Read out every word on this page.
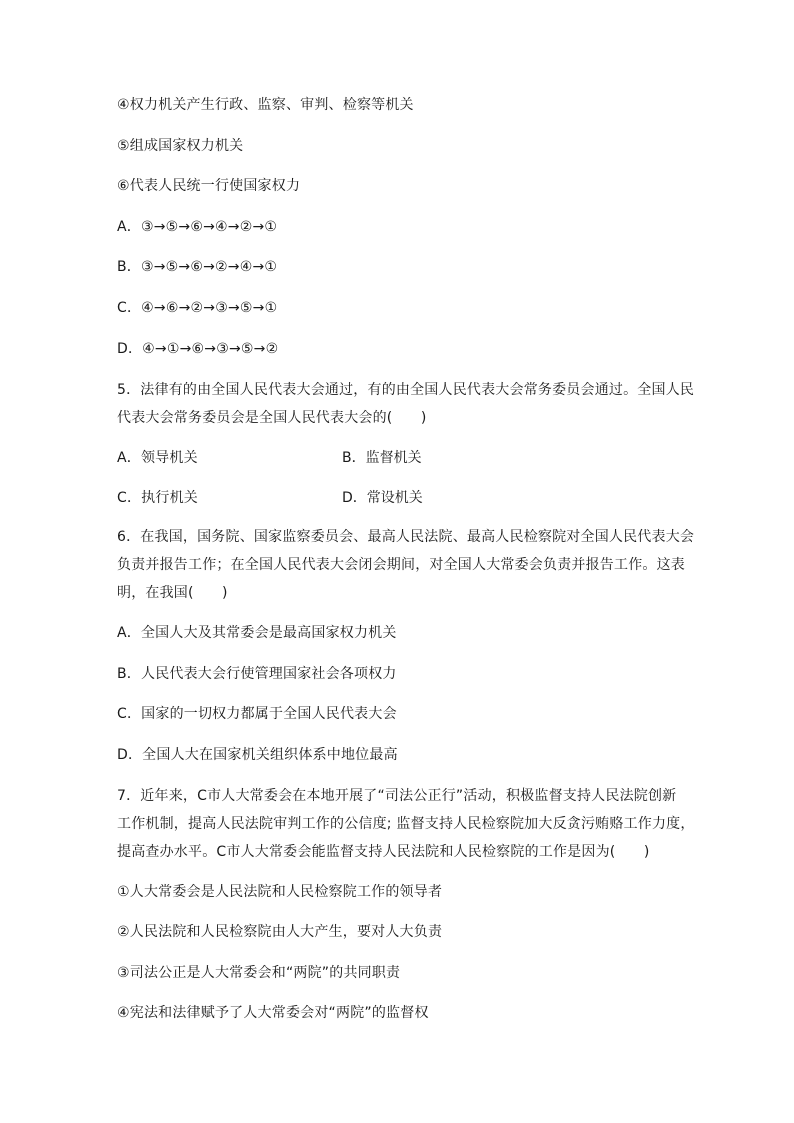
④权力机关产生行政、监察、审判、检察等机关
⑤组成国家权力机关
⑥代表人民统一行使国家权力
A．③→⑤→⑥→④→②→①
B．③→⑤→⑥→②→④→①
C．④→⑥→②→③→⑤→①
D．④→①→⑥→③→⑤→②
5．法律有的由全国人民代表大会通过，有的由全国人民代表大会常务委员会通过。全国人民
代表大会常务委员会是全国人民代表大会的(　　)
A．领导机关	B．监督机关
C．执行机关	D．常设机关
6．在我国，国务院、国家监察委员会、最高人民法院、最高人民检察院对全国人民代表大会
负责并报告工作；在全国人民代表大会闭会期间，对全国人大常委会负责并报告工作。这表
明，在我国(　　)
A．全国人大及其常委会是最高国家权力机关
B．人民代表大会行使管理国家社会各项权力
C．国家的一切权力都属于全国人民代表大会
D．全国人大在国家机关组织体系中地位最高
7．近年来，C市人大常委会在本地开展了“司法公正行”活动，积极监督支持人民法院创新
工作机制，提高人民法院审判工作的公信度; 监督支持人民检察院加大反贪污贿赂工作力度，
提高查办水平。C市人大常委会能监督支持人民法院和人民检察院的工作是因为(　　)
①人大常委会是人民法院和人民检察院工作的领导者
②人民法院和人民检察院由人大产生，要对人大负责
③司法公正是人大常委会和“两院”的共同职责
④宪法和法律赋予了人大常委会对“两院”的监督权
